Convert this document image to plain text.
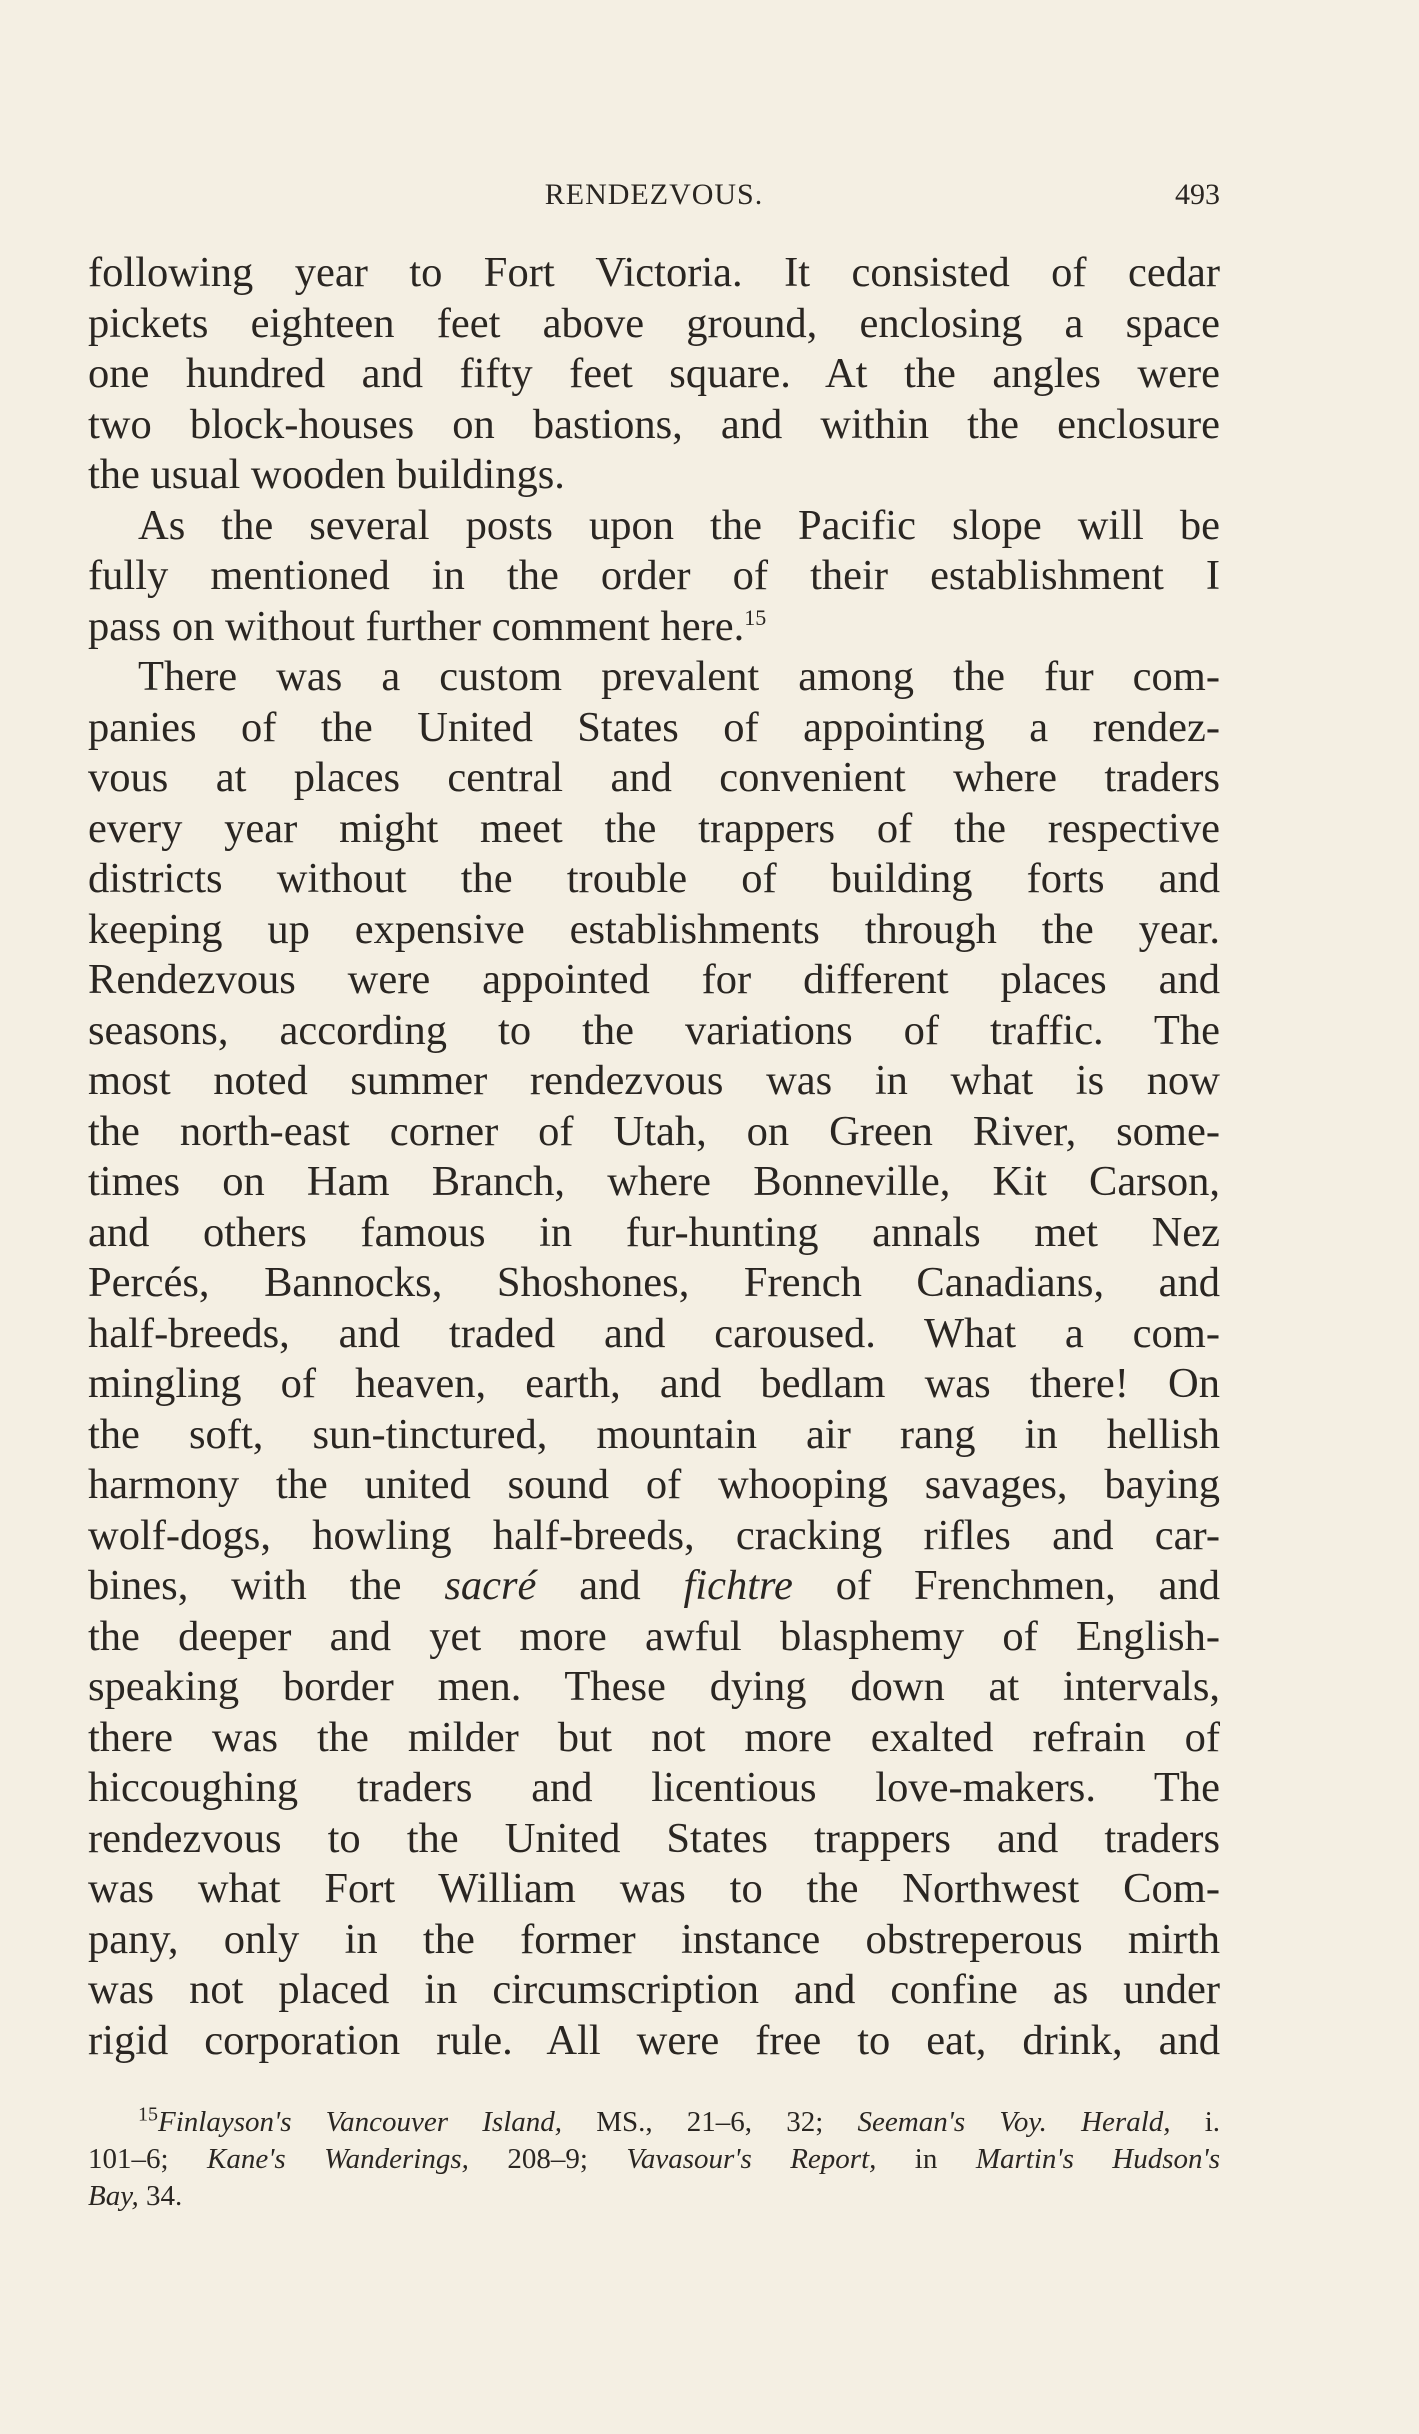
RENDEZVOUS.	493
following year to Fort Victoria. It consisted of cedar
pickets eighteen feet above ground, enclosing a space
one hundred and fifty feet square. At the angles were
two block-houses on bastions, and within the enclosure
the usual wooden buildings.
As the several posts upon the Pacific slope will be
fully mentioned in the order of their establishment I
pass on without further comment here.$^{15}$
There was a custom prevalent among the fur com-
panies of the United States of appointing a rendez-
vous at places central and convenient where traders
every year might meet the trappers of the respective
districts without the trouble of building forts and
keeping up expensive establishments through the year.
Rendezvous were appointed for different places and
seasons, according to the variations of traffic. The
most noted summer rendezvous was in what is now
the north-east corner of Utah, on Green River, some-
times on Ham Branch, where Bonneville, Kit Carson,
and others famous in fur-hunting annals met Nez
Percés, Bannocks, Shoshones, French Canadians, and
half-breeds, and traded and caroused. What a com-
mingling of heaven, earth, and bedlam was there! On
the soft, sun-tinctured, mountain air rang in hellish
harmony the united sound of whooping savages, baying
wolf-dogs, howling half-breeds, cracking rifles and car-
bines, with the sacré and fichtre of Frenchmen, and
the deeper and yet more awful blasphemy of English-
speaking border men. These dying down at intervals,
there was the milder but not more exalted refrain of
hiccoughing traders and licentious love-makers. The
rendezvous to the United States trappers and traders
was what Fort William was to the Northwest Com-
pany, only in the former instance obstreperous mirth
was not placed in circumscription and confine as under
rigid corporation rule. All were free to eat, drink, and
$^{15}$Finlayson's Vancouver Island, MS., 21–6, 32; Seeman's Voy. Herald, i.
101–6; Kane's Wanderings, 208–9; Vavasour's Report, in Martin's Hudson's
Bay, 34.
